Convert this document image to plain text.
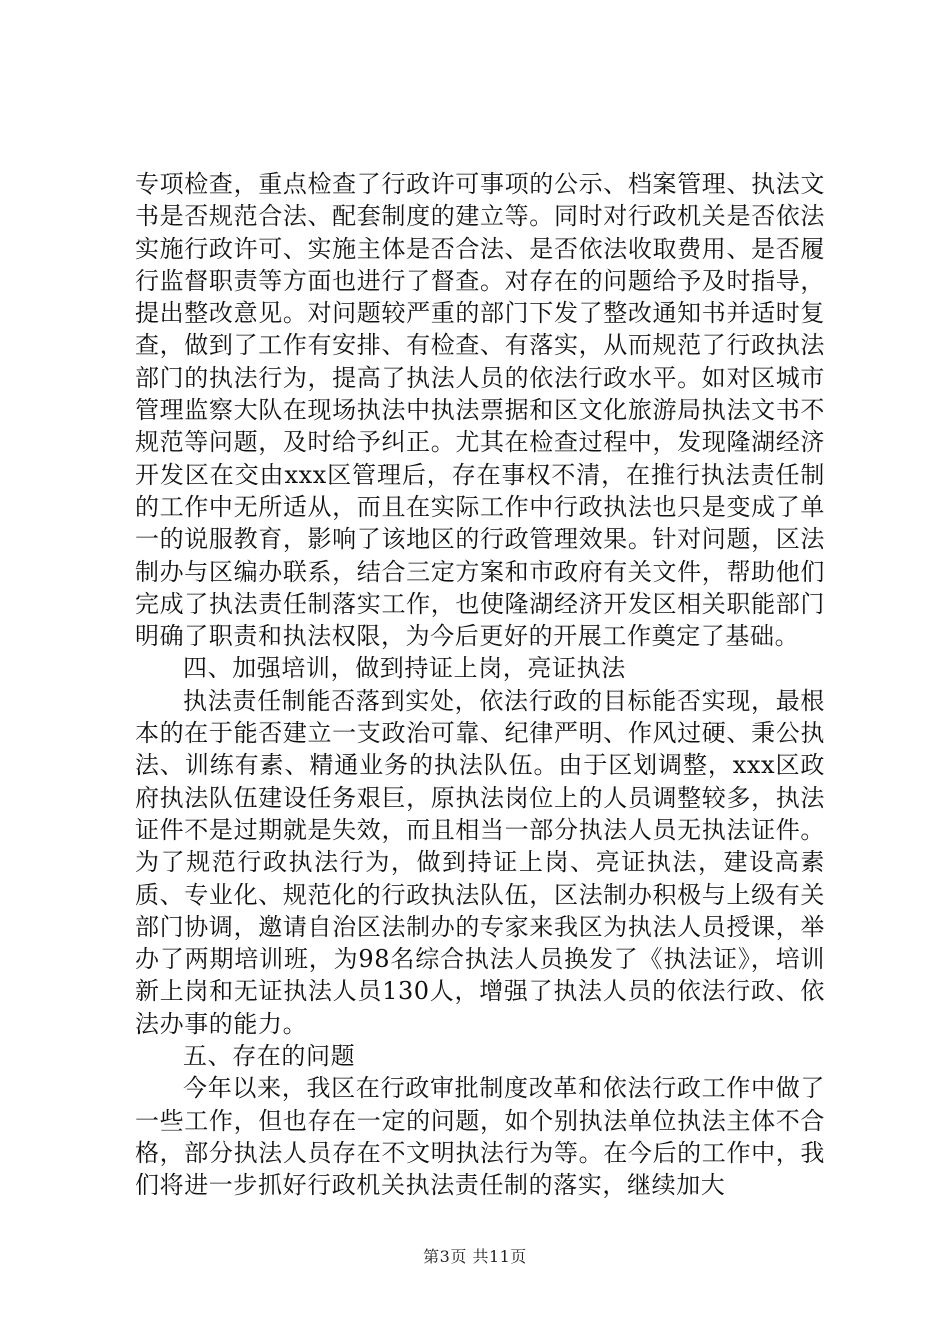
专项检查，重点检查了行政许可事项的公示、档案管理、执法文书是否规范合法、配套制度的建立等。同时对行政机关是否依法实施行政许可、实施主体是否合法、是否依法收取费用、是否履行监督职责等方面也进行了督查。对存在的问题给予及时指导，提出整改意见。对问题较严重的部门下发了整改通知书并适时复查，做到了工作有安排、有检查、有落实，从而规范了行政执法部门的执法行为，提高了执法人员的依法行政水平。如对区城市管理监察大队在现场执法中执法票据和区文化旅游局执法文书不规范等问题，及时给予纠正。尤其在检查过程中，发现隆湖经济开发区在交由xxx区管理后，存在事权不清，在推行执法责任制的工作中无所适从，而且在实际工作中行政执法也只是变成了单一的说服教育，影响了该地区的行政管理效果。针对问题，区法制办与区编办联系，结合三定方案和市政府有关文件，帮助他们完成了执法责任制落实工作，也使隆湖经济开发区相关职能部门明确了职责和执法权限，为今后更好的开展工作奠定了基础。

四、加强培训，做到持证上岗，亮证执法

执法责任制能否落到实处，依法行政的目标能否实现，最根本的在于能否建立一支政治可靠、纪律严明、作风过硬、秉公执法、训练有素、精通业务的执法队伍。由于区划调整，xxx区政府执法队伍建设任务艰巨，原执法岗位上的人员调整较多，执法证件不是过期就是失效，而且相当一部分执法人员无执法证件。为了规范行政执法行为，做到持证上岗、亮证执法，建设高素质、专业化、规范化的行政执法队伍，区法制办积极与上级有关部门协调，邀请自治区法制办的专家来我区为执法人员授课，举办了两期培训班，为98名综合执法人员换发了《执法证》，培训新上岗和无证执法人员130人，增强了执法人员的依法行政、依法办事的能力。

五、存在的问题

今年以来，我区在行政审批制度改革和依法行政工作中做了一些工作，但也存在一定的问题，如个别执法单位执法主体不合格，部分执法人员存在不文明执法行为等。在今后的工作中，我们将进一步抓好行政机关执法责任制的落实，继续加大

第3页 共11页
